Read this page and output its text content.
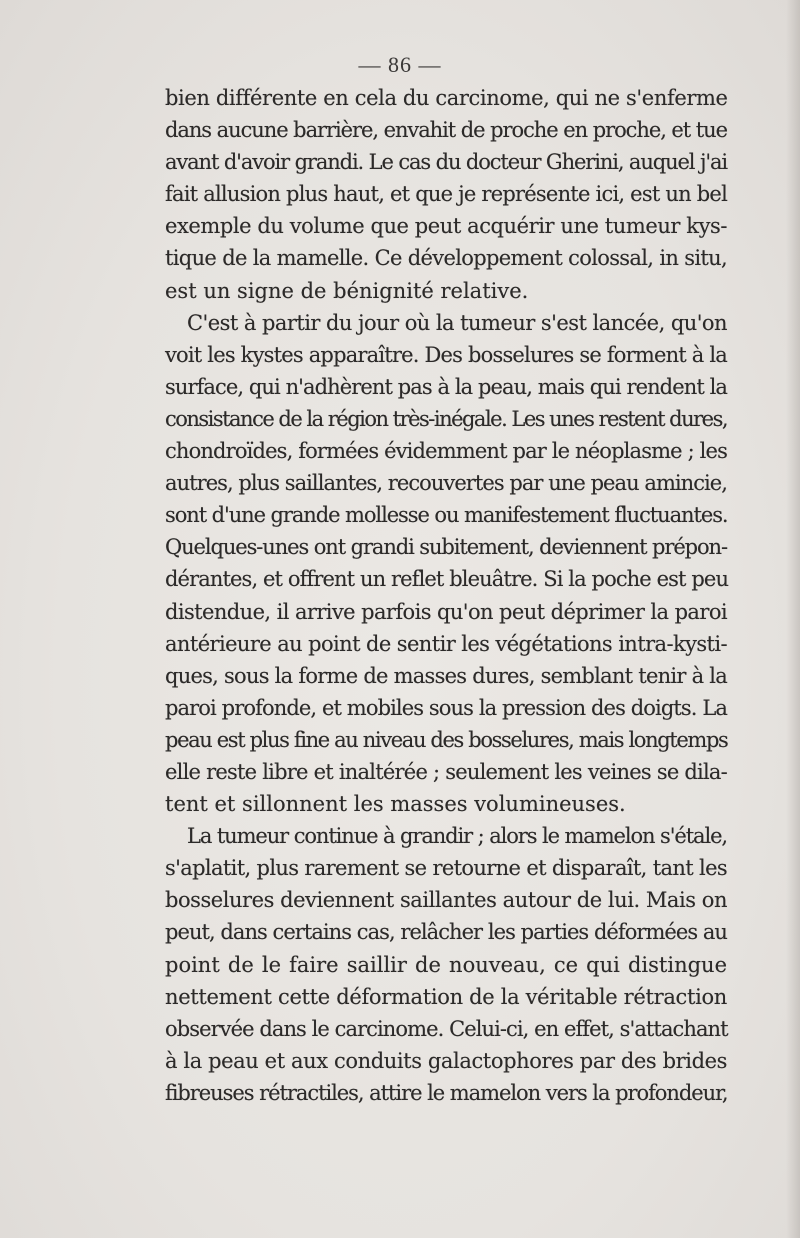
— 86 —
bien différente en cela du carcinome, qui ne s'enferme
dans aucune barrière, envahit de proche en proche, et tue
avant d'avoir grandi. Le cas du docteur Gherini, auquel j'ai
fait allusion plus haut, et que je représente ici, est un bel
exemple du volume que peut acquérir une tumeur kys-
tique de la mamelle. Ce développement colossal, in situ,
est un signe de bénignité relative.
C'est à partir du jour où la tumeur s'est lancée, qu'on
voit les kystes apparaître. Des bosselures se forment à la
surface, qui n'adhèrent pas à la peau, mais qui rendent la
consistance de la région très-inégale. Les unes restent dures,
chondroïdes, formées évidemment par le néoplasme ; les
autres, plus saillantes, recouvertes par une peau amincie,
sont d'une grande mollesse ou manifestement fluctuantes.
Quelques-unes ont grandi subitement, deviennent prépon-
dérantes, et offrent un reflet bleuâtre. Si la poche est peu
distendue, il arrive parfois qu'on peut déprimer la paroi
antérieure au point de sentir les végétations intra-kysti-
ques, sous la forme de masses dures, semblant tenir à la
paroi profonde, et mobiles sous la pression des doigts. La
peau est plus fine au niveau des bosselures, mais longtemps
elle reste libre et inaltérée ; seulement les veines se dila-
tent et sillonnent les masses volumineuses.
La tumeur continue à grandir ; alors le mamelon s'étale,
s'aplatit, plus rarement se retourne et disparaît, tant les
bosselures deviennent saillantes autour de lui. Mais on
peut, dans certains cas, relâcher les parties déformées au
point de le faire saillir de nouveau, ce qui distingue
nettement cette déformation de la véritable rétraction
observée dans le carcinome. Celui-ci, en effet, s'attachant
à la peau et aux conduits galactophores par des brides
fibreuses rétractiles, attire le mamelon vers la profondeur,
